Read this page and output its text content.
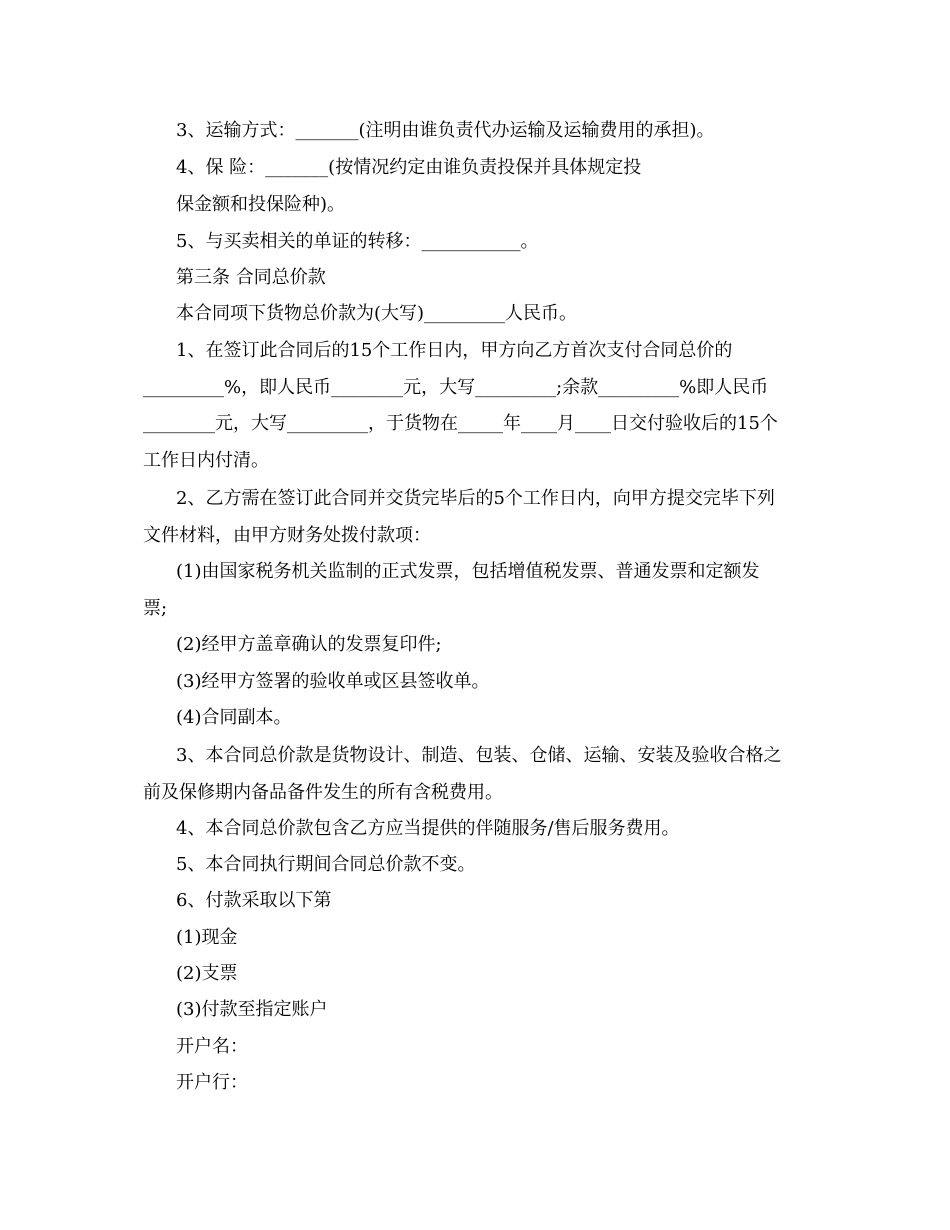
3、运输方式：_______(注明由谁负责代办运输及运输费用的承担)。
4、保 险：_______(按情况约定由谁负责投保并具体规定投
保金额和投保险种)。
5、与买卖相关的单证的转移：___________。
第三条 合同总价款
本合同项下货物总价款为(大写)_________人民币。
1、在签订此合同后的15个工作日内，甲方向乙方首次支付合同总价的
_________%，即人民币________元，大写_________;余款_________%即人民币
________元，大写_________，于货物在_____年____月____日交付验收后的15个
工作日内付清。
2、乙方需在签订此合同并交货完毕后的5个工作日内，向甲方提交完毕下列
文件材料，由甲方财务处拨付款项：
(1)由国家税务机关监制的正式发票，包括增值税发票、普通发票和定额发
票;
(2)经甲方盖章确认的发票复印件;
(3)经甲方签署的验收单或区县签收单。
(4)合同副本。
3、本合同总价款是货物设计、制造、包装、仓储、运输、安装及验收合格之
前及保修期内备品备件发生的所有含税费用。
4、本合同总价款包含乙方应当提供的伴随服务/售后服务费用。
5、本合同执行期间合同总价款不变。
6、付款采取以下第
(1)现金
(2)支票
(3)付款至指定账户
开户名：
开户行：
